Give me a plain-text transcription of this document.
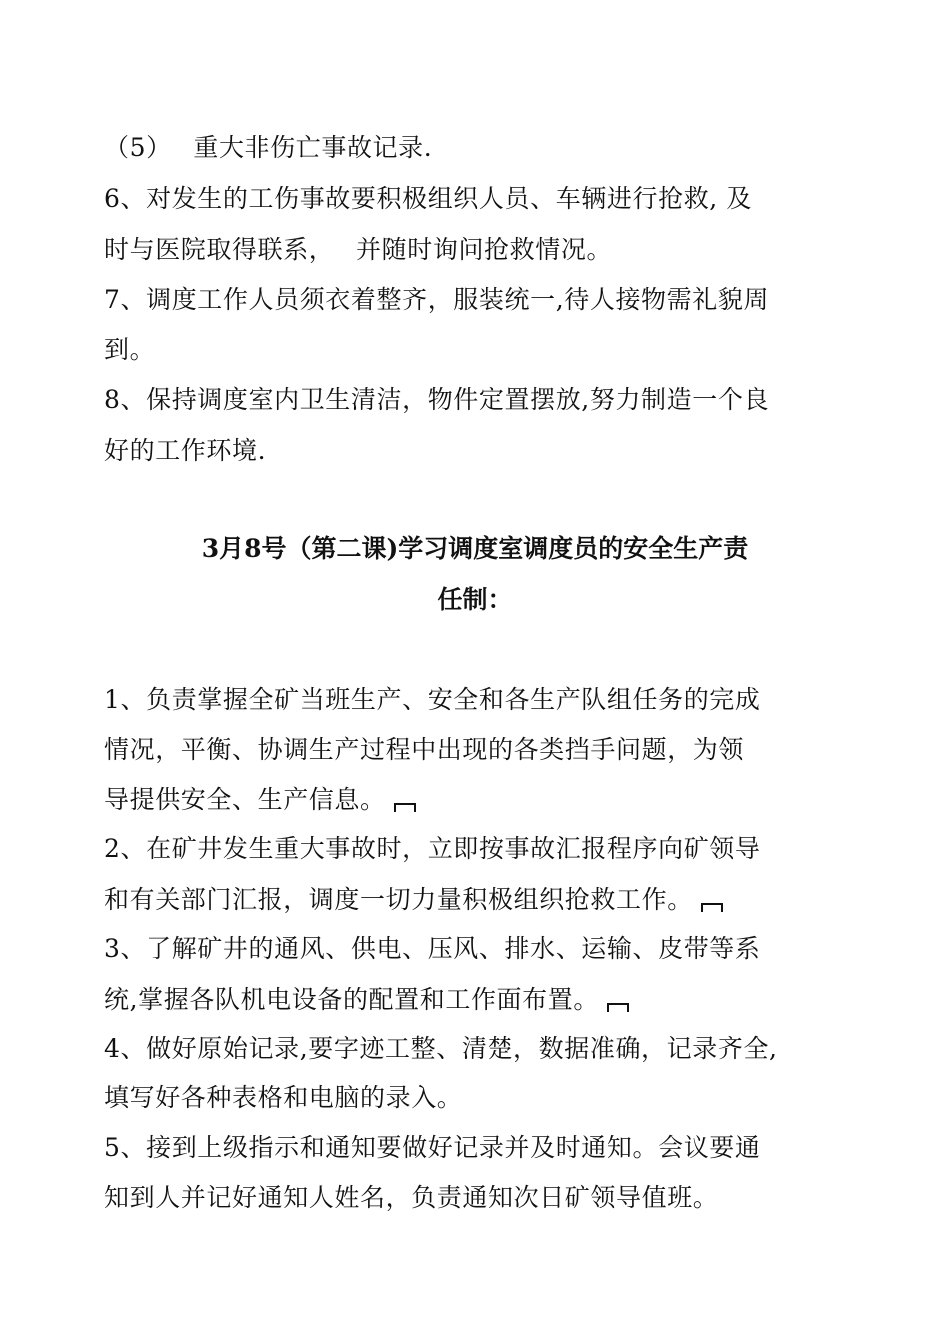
（5）　 重大非伤亡事故记录.
6、对发生的工伤事故要积极组织人员、车辆进行抢救, 及
时与医院取得联系，　 并随时询问抢救情况。
7、调度工作人员须衣着整齐，服装统一,待人接物需礼貌周
到。
8、保持调度室内卫生清洁，物件定置摆放,努力制造一个良
好的工作环境.
3月8号（第二课)学习调度室调度员的安全生产责
任制：
1、负责掌握全矿当班生产、安全和各生产队组任务的完成
情况，平衡、协调生产过程中出现的各类挡手问题，为领
导提供安全、生产信息。
2、在矿井发生重大事故时，立即按事故汇报程序向矿领导
和有关部门汇报，调度一切力量积极组织抢救工作。
3、了解矿井的通风、供电、压风、排水、运输、皮带等系
统,掌握各队机电设备的配置和工作面布置。
4、做好原始记录,要字迹工整、清楚，数据准确，记录齐全,
填写好各种表格和电脑的录入。
5、接到上级指示和通知要做好记录并及时通知。会议要通
知到人并记好通知人姓名，负责通知次日矿领导值班。
